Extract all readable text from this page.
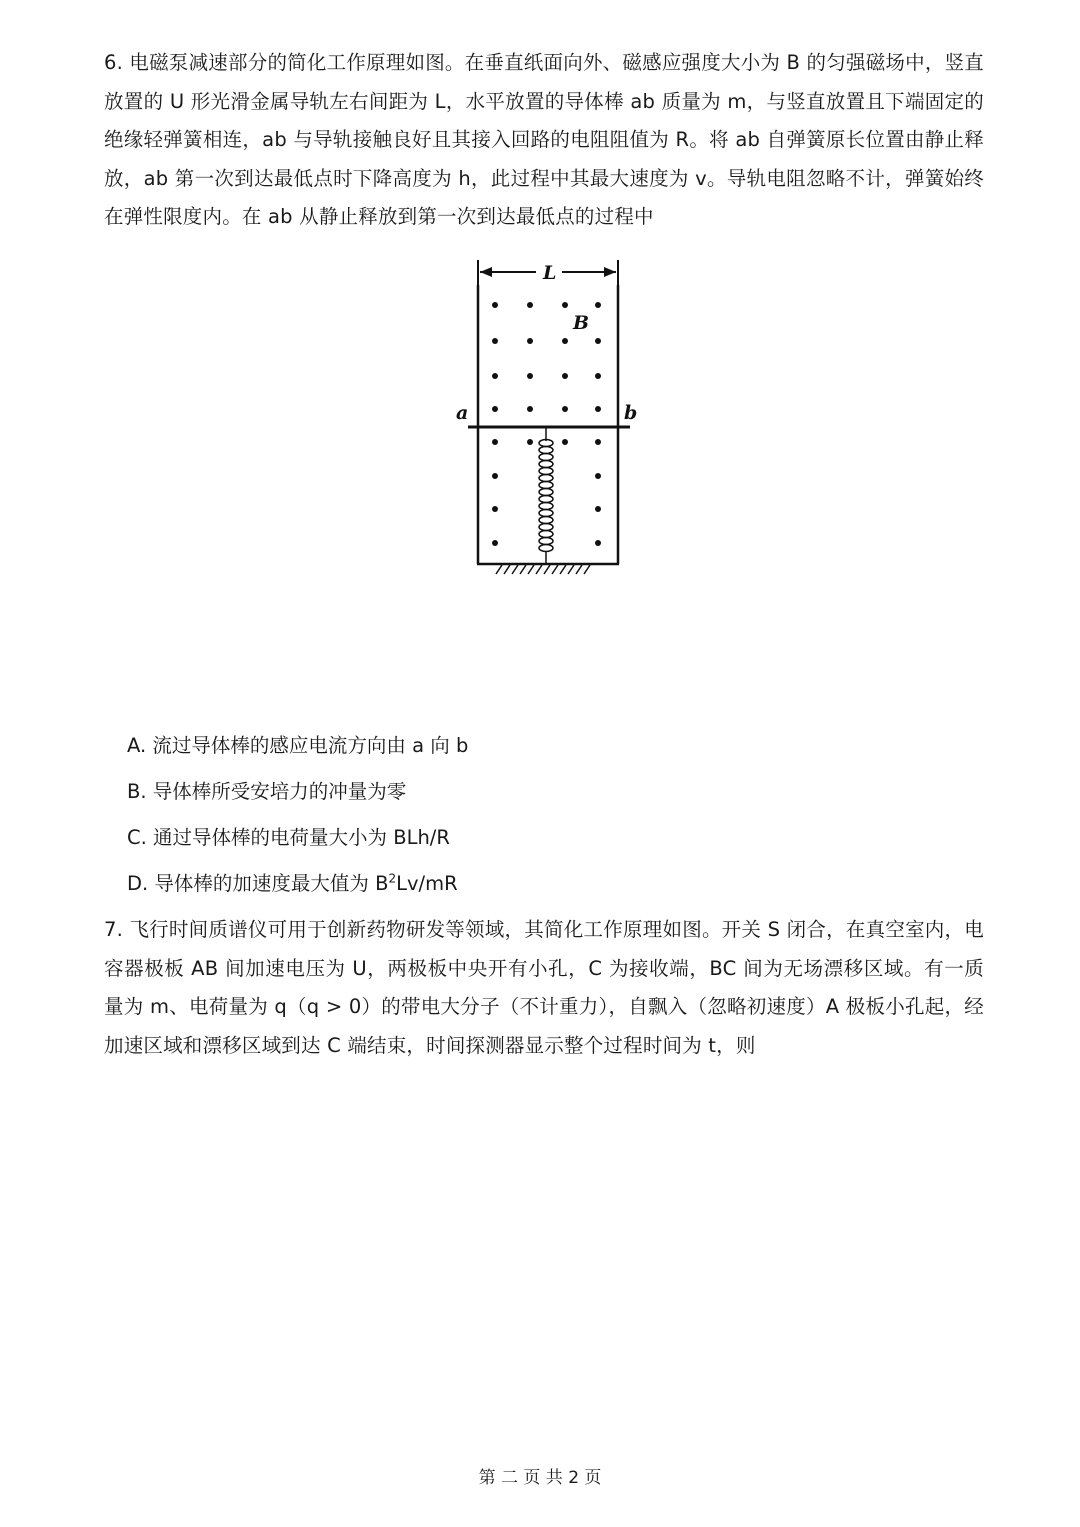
6. 电磁泵减速部分的简化工作原理如图。在垂直纸面向外、磁感应强度大小为 B 的匀强磁场中，竖直放置的 U 形光滑金属导轨左右间距为 L，水平放置的导体棒 ab 质量为 m，与竖直放置且下端固定的绝缘轻弹簧相连，ab 与导轨接触良好且其接入回路的电阻阻值为 R。将 ab 自弹簧原长位置由静止释放，ab 第一次到达最低点时下降高度为 h，此过程中其最大速度为 v。导轨电阻忽略不计，弹簧始终在弹性限度内。在 ab 从静止释放到第一次到达最低点的过程中

L
a	b
B

A. 流过导体棒的感应电流方向由 a 向 b

B. 导体棒所受安培力的冲量为零

C. 通过导体棒的电荷量大小为 BLh/R

D. 导体棒的加速度最大值为 $B^2Lv/mR$

7. 飞行时间质谱仪可用于创新药物研发等领域，其简化工作原理如图。开关 S 闭合，在真空室内，电容器极板 AB 间加速电压为 U，两极板中央开有小孔，C 为接收端，BC 间为无场漂移区域。有一质量为 m、电荷量为 q（q > 0）的带电大分子（不计重力），自飘入（忽略初速度）A 极板小孔起，经加速区域和漂移区域到达 C 端结束，时间探测器显示整个过程时间为 t，则

第 二 页 共 2 页
